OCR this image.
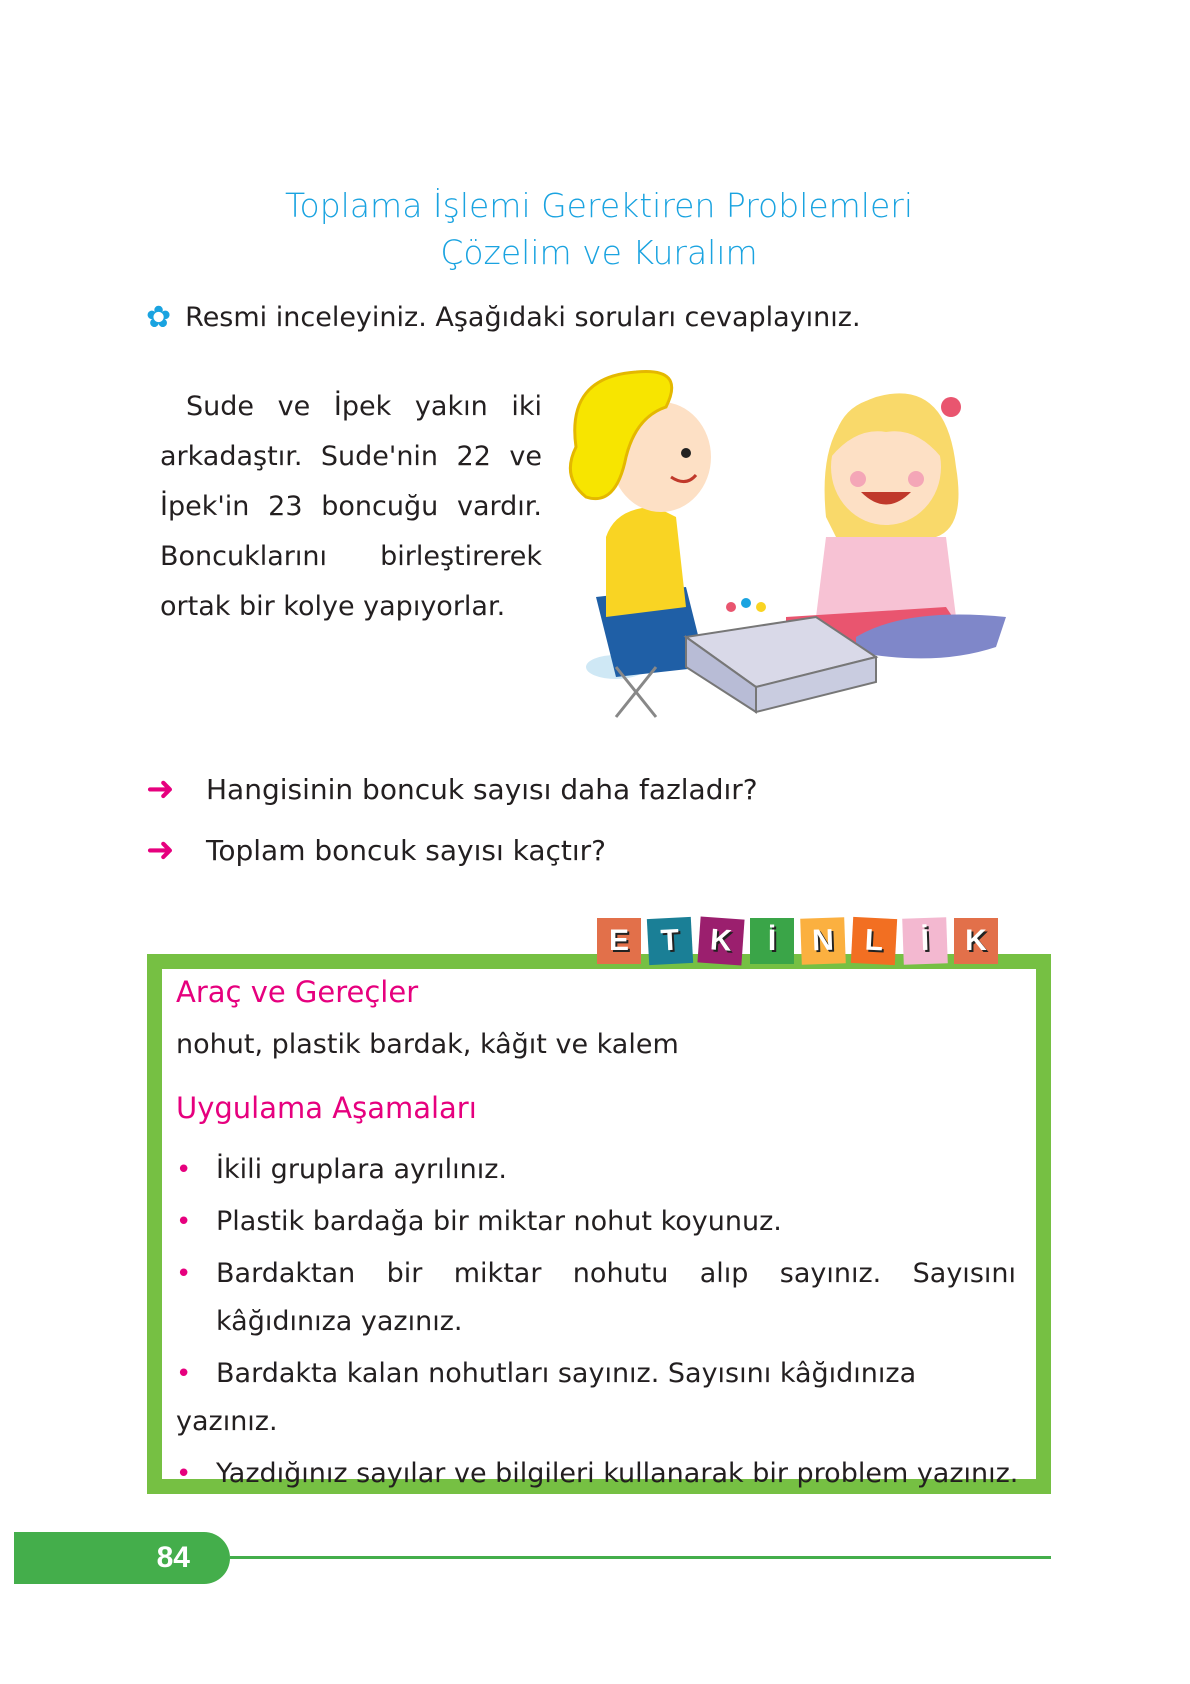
Toplama İşlemi Gerektiren Problemleri
Çözelim ve Kuralım
✿ Resmi inceleyiniz. Aşağıdaki soruları cevaplayınız.

Sude ve İpek yakın iki arkadaştır. Sude'nin 22 ve İpek'in 23 boncuğu vardır. Boncuklarını birleştirerek ortak bir kolye yapıyorlar.

➜	Hangisinin boncuk sayısı daha fazladır?
➜	Toplam boncuk sayısı kaçtır?
E	T K	İ	N L	İ	K
Araç ve Gereçler
nohut, plastik bardak, kâğıt ve kalem
Uygulama Aşamaları
• İkili gruplara ayrılınız.
• Plastik bardağa bir miktar nohut koyunuz.
• Bardaktan bir miktar nohutu alıp sayınız. Sayısını kâğıdınıza yazınız.
• Bardakta kalan nohutları sayınız. Sayısını kâğıdınıza yazınız.
• Yazdığınız sayılar ve bilgileri kullanarak bir problem yazınız.
84
